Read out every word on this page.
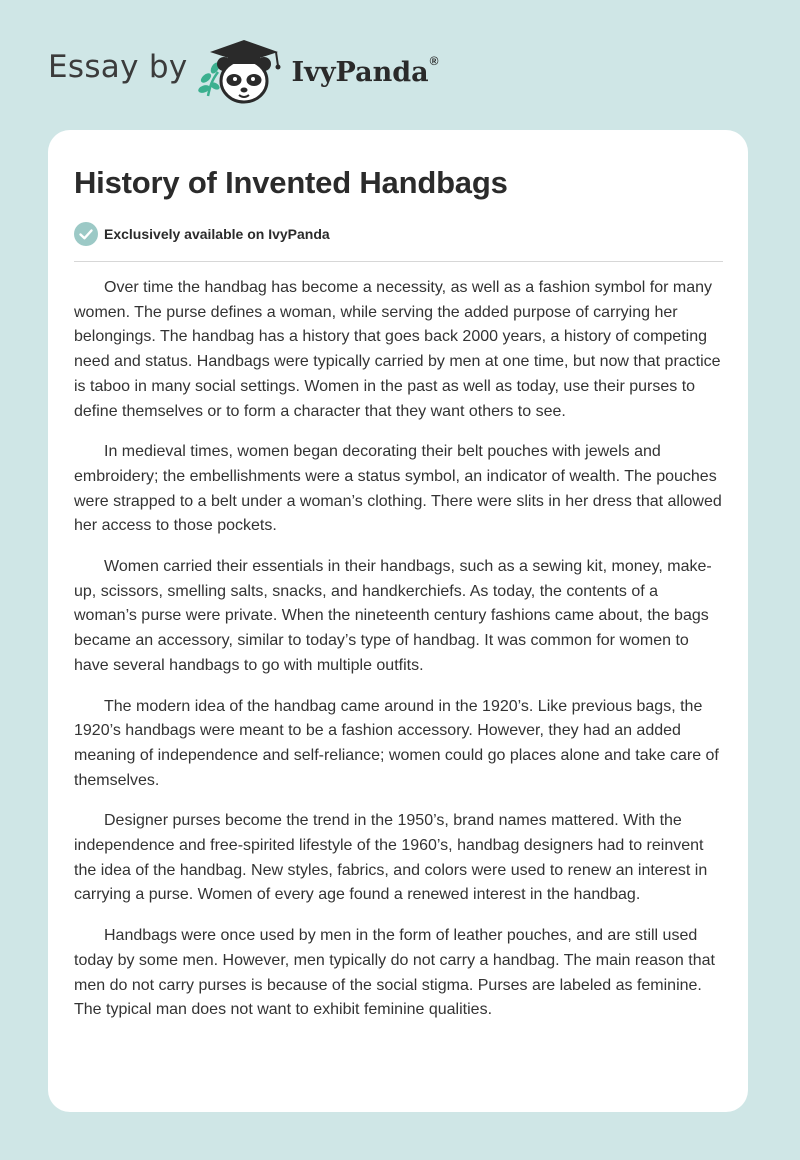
Essay by	IvyPanda®
History of Invented Handbags
Exclusively available on IvyPanda

Over time the handbag has become a necessity, as well as a fashion symbol for many women. The purse defines a woman, while serving the added purpose of carrying her belongings. The handbag has a history that goes back 2000 years, a history of competing need and status. Handbags were typically carried by men at one time, but now that practice is taboo in many social settings. Women in the past as well as today, use their purses to define themselves or to form a character that they want others to see.

In medieval times, women began decorating their belt pouches with jewels and embroidery; the embellishments were a status symbol, an indicator of wealth. The pouches were strapped to a belt under a woman’s clothing. There were slits in her dress that allowed her access to those pockets.

Women carried their essentials in their handbags, such as a sewing kit, money, make-up, scissors, smelling salts, snacks, and handkerchiefs. As today, the contents of a woman’s purse were private. When the nineteenth century fashions came about, the bags became an accessory, similar to today’s type of handbag. It was common for women to have several handbags to go with multiple outfits.

The modern idea of the handbag came around in the 1920’s. Like previous bags, the 1920’s handbags were meant to be a fashion accessory. However, they had an added meaning of independence and self-reliance; women could go places alone and take care of themselves.

Designer purses become the trend in the 1950’s, brand names mattered. With the independence and free-spirited lifestyle of the 1960’s, handbag designers had to reinvent the idea of the handbag. New styles, fabrics, and colors were used to renew an interest in carrying a purse. Women of every age found a renewed interest in the handbag.

Handbags were once used by men in the form of leather pouches, and are still used today by some men. However, men typically do not carry a handbag. The main reason that men do not carry purses is because of the social stigma. Purses are labeled as feminine. The typical man does not want to exhibit feminine qualities.
